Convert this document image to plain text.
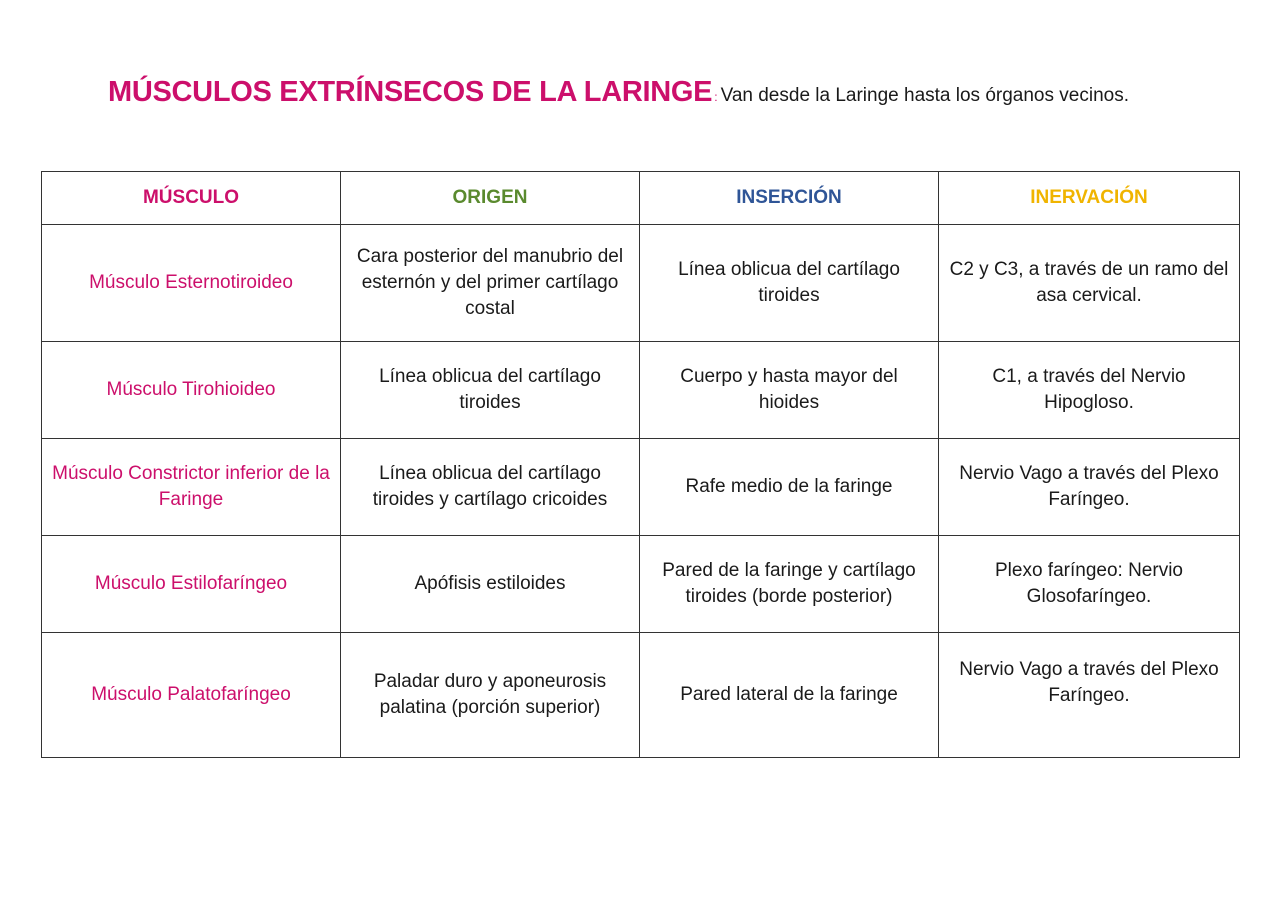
MÚSCULOS EXTRÍNSECOS DE LA LARINGE : Van desde la Laringe hasta los órganos vecinos.
MÚSCULO	ORIGEN	INSERCIÓN	INERVACIÓN

Músculo Esternotiroideo	Cara posterior del manubrio del esternón y del primer cartílago costal	Línea oblicua del cartílago tiroides	C2 y C3, a través de un ramo del asa cervical.

Músculo Tirohioideo	Línea oblicua del cartílago tiroides	Cuerpo y hasta mayor del hioides	C1, a través del Nervio Hipogloso.

Músculo Constrictor inferior de la Faringe	Línea oblicua del cartílago tiroides y cartílago cricoides	Rafe medio de la faringe	Nervio Vago a través del Plexo Faríngeo.

Músculo Estilofaríngeo	Apófisis estiloides	Pared de la faringe y cartílago tiroides (borde posterior)	Plexo faríngeo: Nervio Glosofaríngeo.

Músculo Palatofaríngeo	Paladar duro y aponeurosis palatina (porción superior)	Pared lateral de la faringe	Nervio Vago a través del Plexo Faríngeo.
